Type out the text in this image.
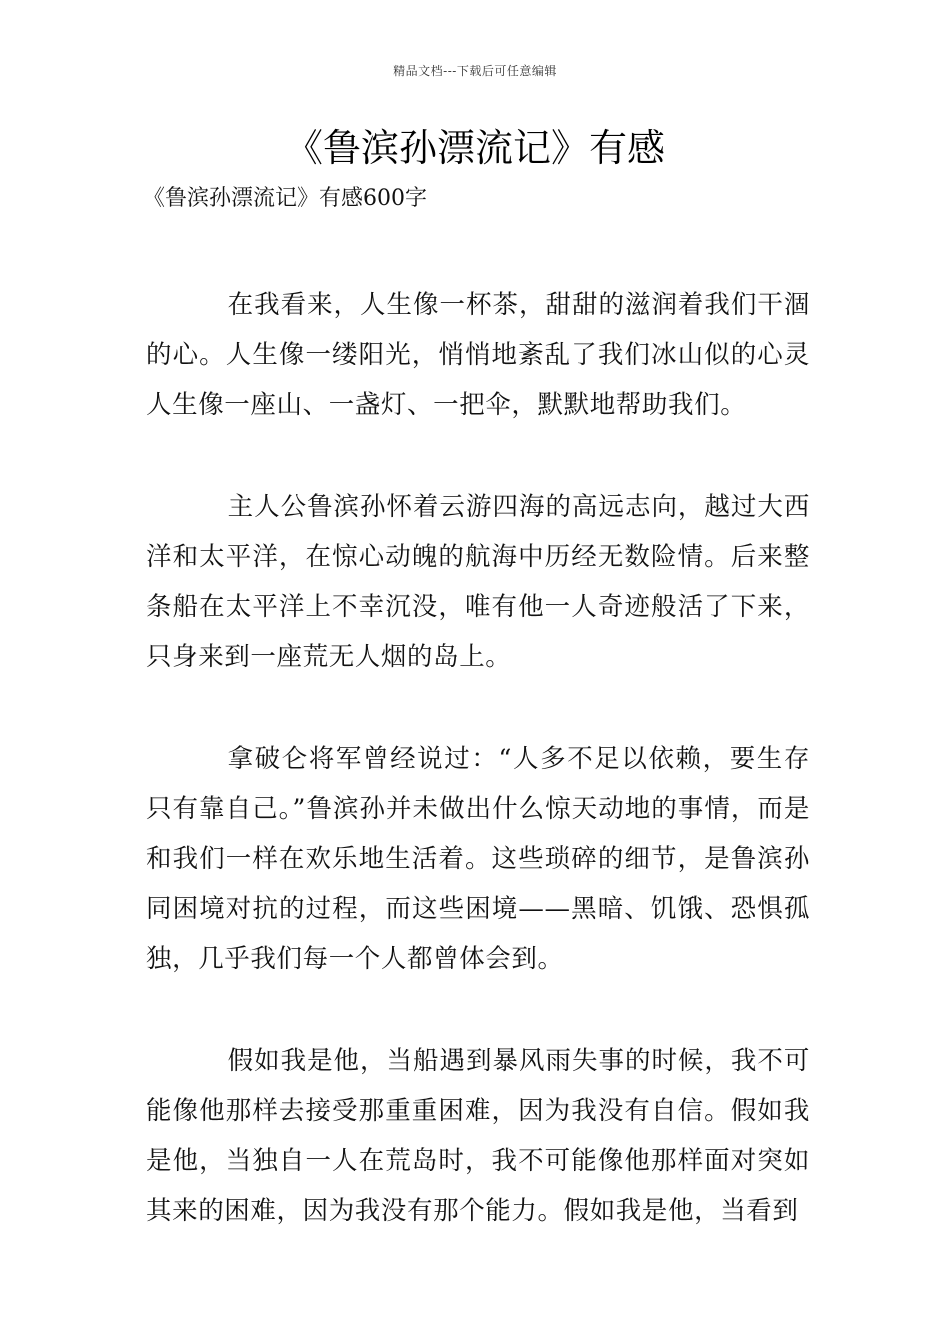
精品文档---下载后可任意编辑
《鲁滨孙漂流记》有感
《鲁滨孙漂流记》有感600字

在我看来，人生像一杯茶，甜甜的滋润着我们干涸的心。人生像一缕阳光，悄悄地紊乱了我们冰山似的心灵人生像一座山、一盏灯、一把伞，默默地帮助我们。

主人公鲁滨孙怀着云游四海的高远志向，越过大西洋和太平洋，在惊心动魄的航海中历经无数险情。后来整条船在太平洋上不幸沉没，唯有他一人奇迹般活了下来，只身来到一座荒无人烟的岛上。

拿破仑将军曾经说过：“人多不足以依赖，要生存只有靠自己。”鲁滨孙并未做出什么惊天动地的事情，而是和我们一样在欢乐地生活着。这些琐碎的细节，是鲁滨孙同困境对抗的过程，而这些困境——黑暗、饥饿、恐惧孤独，几乎我们每一个人都曾体会到。

假如我是他，当船遇到暴风雨失事的时候，我不可能像他那样去接受那重重困难，因为我没有自信。假如我是他，当独自一人在荒岛时，我不可能像他那样面对突如其来的困难，因为我没有那个能力。假如我是他，当看到
